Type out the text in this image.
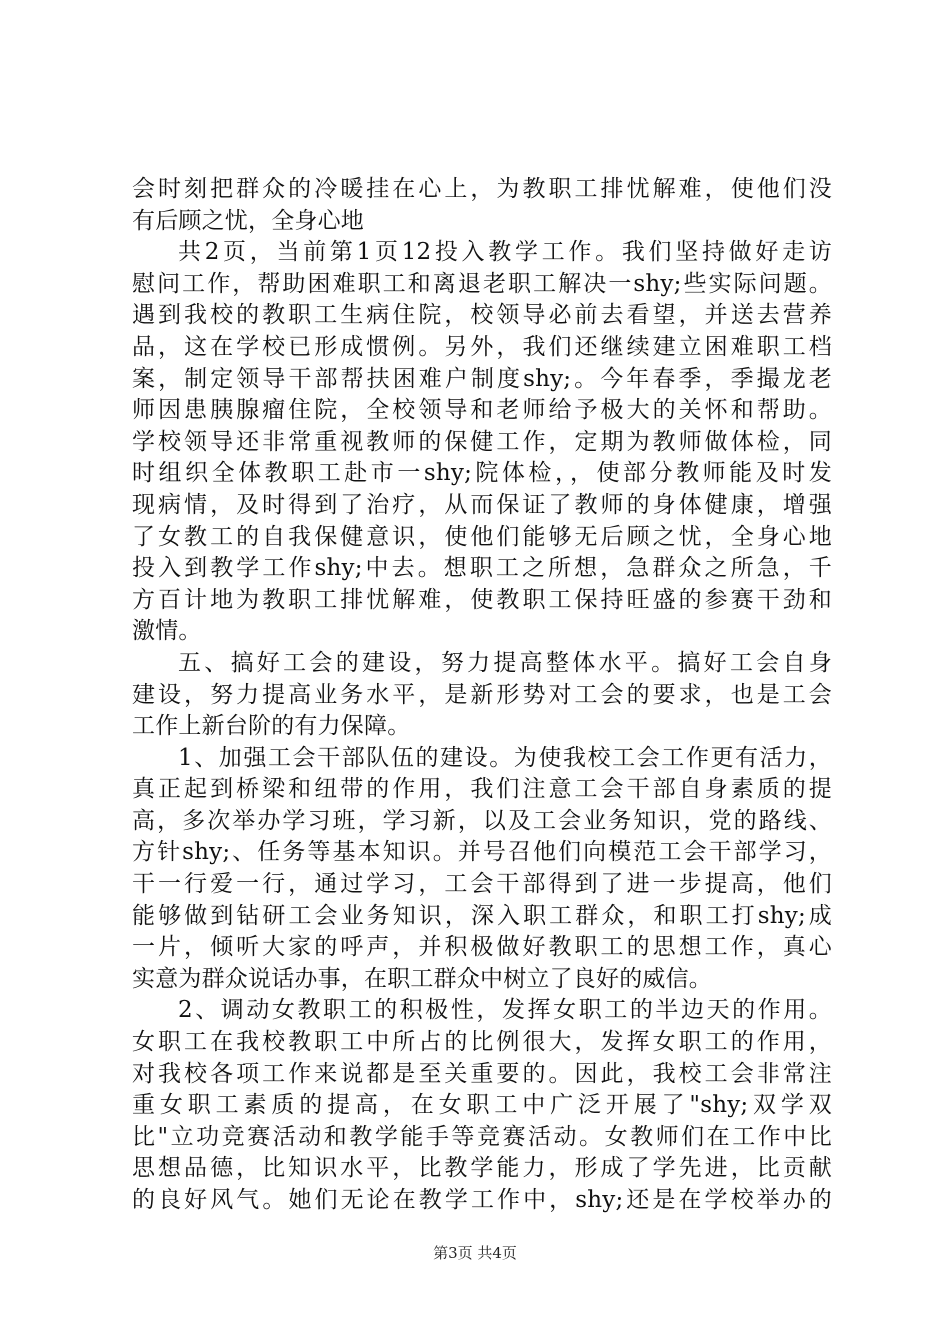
会时刻把群众的冷暖挂在心上，为教职工排忧解难，使他们没
有后顾之忧，全身心地
共2页，当前第1页12投入教学工作。我们坚持做好走访
慰问工作，帮助困难职工和离退老职工解决一shy;些实际问题。
遇到我校的教职工生病住院，校领导必前去看望，并送去营养
品，这在学校已形成惯例。另外，我们还继续建立困难职工档
案，制定领导干部帮扶困难户制度shy;。今年春季，季撮龙老
师因患胰腺瘤住院，全校领导和老师给予极大的关怀和帮助。
学校领导还非常重视教师的保健工作，定期为教师做体检，同
时组织全体教职工赴市一shy;院体检，，使部分教师能及时发
现病情，及时得到了治疗，从而保证了教师的身体健康，增强
了女教工的自我保健意识，使他们能够无后顾之忧，全身心地
投入到教学工作shy;中去。想职工之所想，急群众之所急，千
方百计地为教职工排忧解难，使教职工保持旺盛的参赛干劲和
激情。
五、搞好工会的建设，努力提高整体水平。搞好工会自身
建设，努力提高业务水平，是新形势对工会的要求，也是工会
工作上新台阶的有力保障。
1、加强工会干部队伍的建设。为使我校工会工作更有活力，
真正起到桥梁和纽带的作用，我们注意工会干部自身素质的提
高，多次举办学习班，学习新，以及工会业务知识，党的路线、
方针shy;、任务等基本知识。并号召他们向模范工会干部学习，
干一行爱一行，通过学习，工会干部得到了进一步提高，他们
能够做到钻研工会业务知识，深入职工群众，和职工打shy;成
一片，倾听大家的呼声，并积极做好教职工的思想工作，真心
实意为群众说话办事，在职工群众中树立了良好的威信。
2、调动女教职工的积极性，发挥女职工的半边天的作用。
女职工在我校教职工中所占的比例很大，发挥女职工的作用，
对我校各项工作来说都是至关重要的。因此，我校工会非常注
重女职工素质的提高，在女职工中广泛开展了"shy;双学双
比"立功竞赛活动和教学能手等竞赛活动。女教师们在工作中比
思想品德，比知识水平，比教学能力，形成了学先进，比贡献
的良好风气。她们无论在教学工作中，shy;还是在学校举办的
第3页 共4页
